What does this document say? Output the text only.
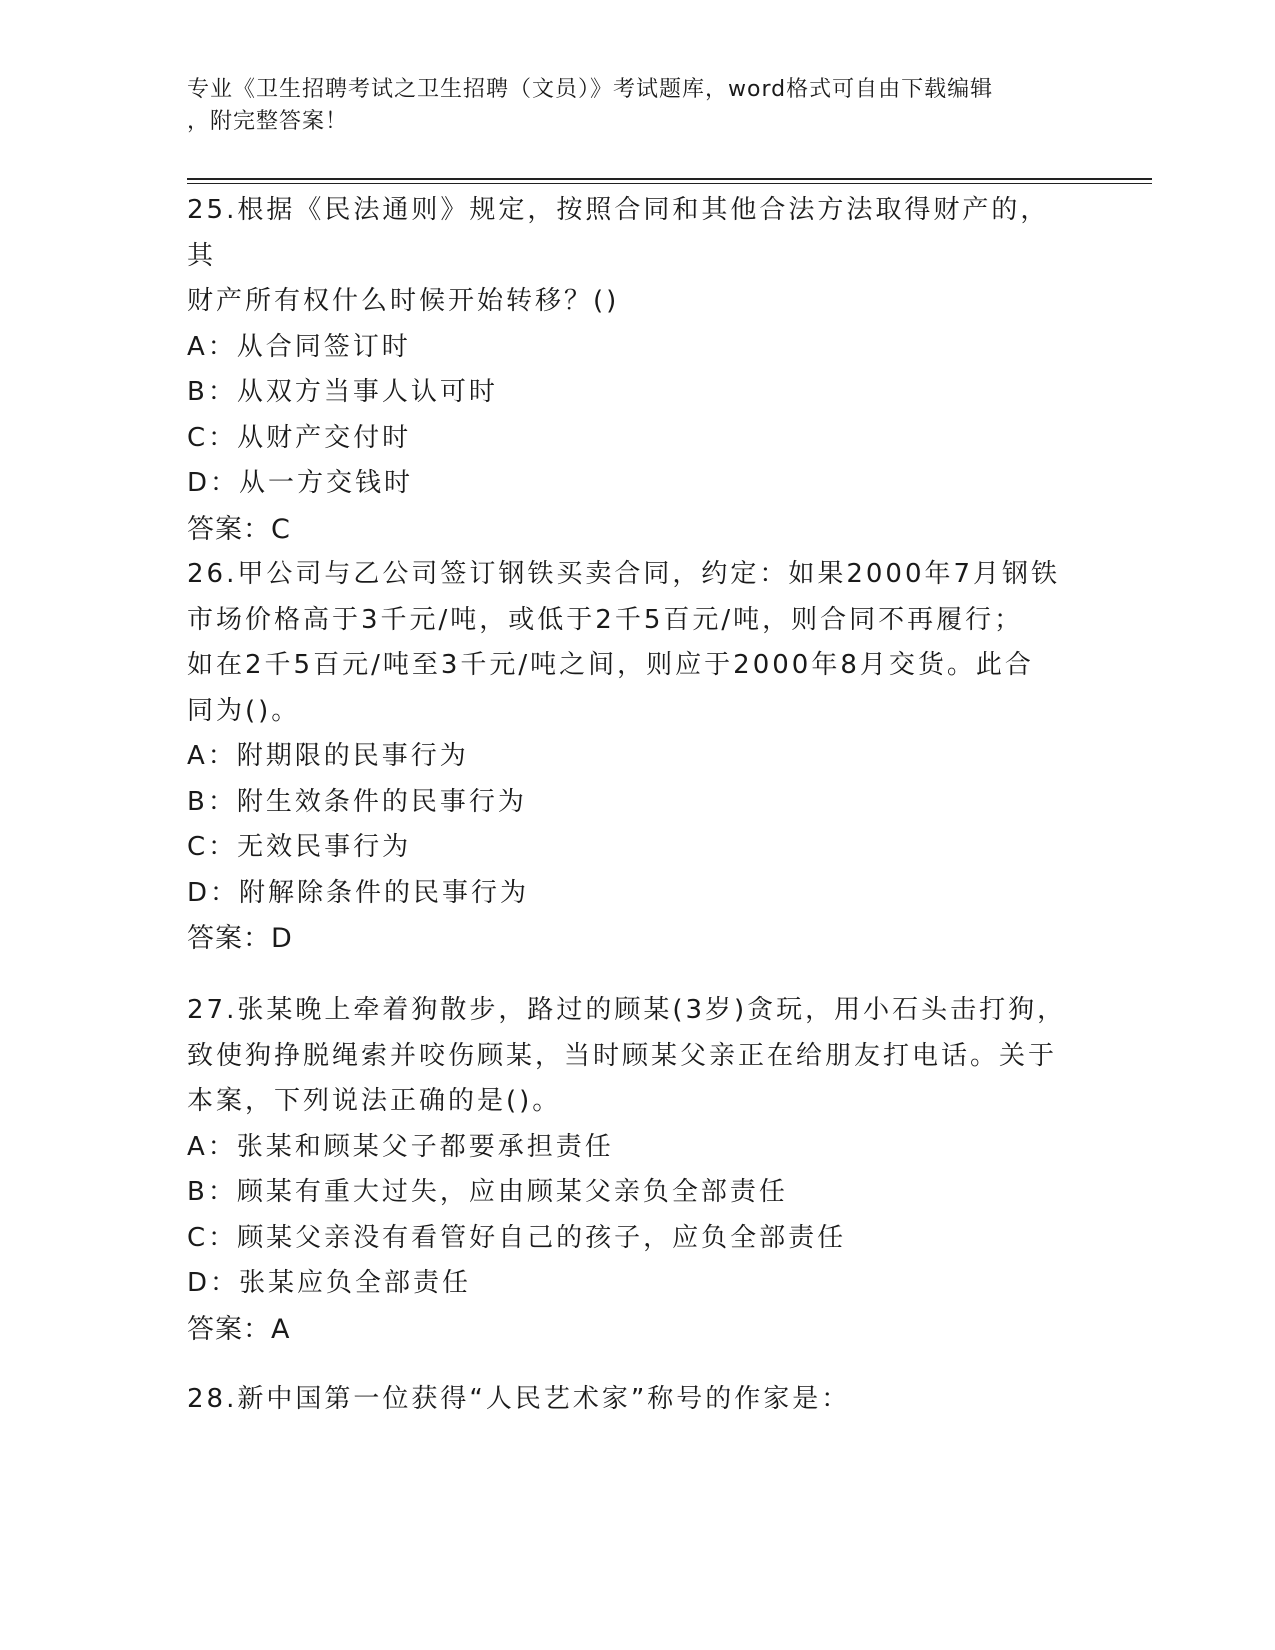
专业《卫生招聘考试之卫生招聘（文员）》考试题库，word格式可自由下载编辑
，附完整答案！

25.根据《民法通则》规定，按照合同和其他合法方法取得财产的，其

财产所有权什么时候开始转移？()

A：从合同签订时

B：从双方当事人认可时

C：从财产交付时

D：从一方交钱时

答案：C

26.甲公司与乙公司签订钢铁买卖合同，约定：如果2000年7月钢铁

市场价格高于3千元/吨，或低于2千5百元/吨，则合同不再履行；

如在2千5百元/吨至3千元/吨之间，则应于2000年8月交货。此合

同为()。

A：附期限的民事行为

B：附生效条件的民事行为

C：无效民事行为

D：附解除条件的民事行为

答案：D

27.张某晚上牵着狗散步，路过的顾某(3岁)贪玩，用小石头击打狗，

致使狗挣脱绳索并咬伤顾某，当时顾某父亲正在给朋友打电话。关于

本案，下列说法正确的是()。

A：张某和顾某父子都要承担责任

B：顾某有重大过失，应由顾某父亲负全部责任

C：顾某父亲没有看管好自己的孩子，应负全部责任

D：张某应负全部责任

答案：A

28.新中国第一位获得“人民艺术家”称号的作家是：
